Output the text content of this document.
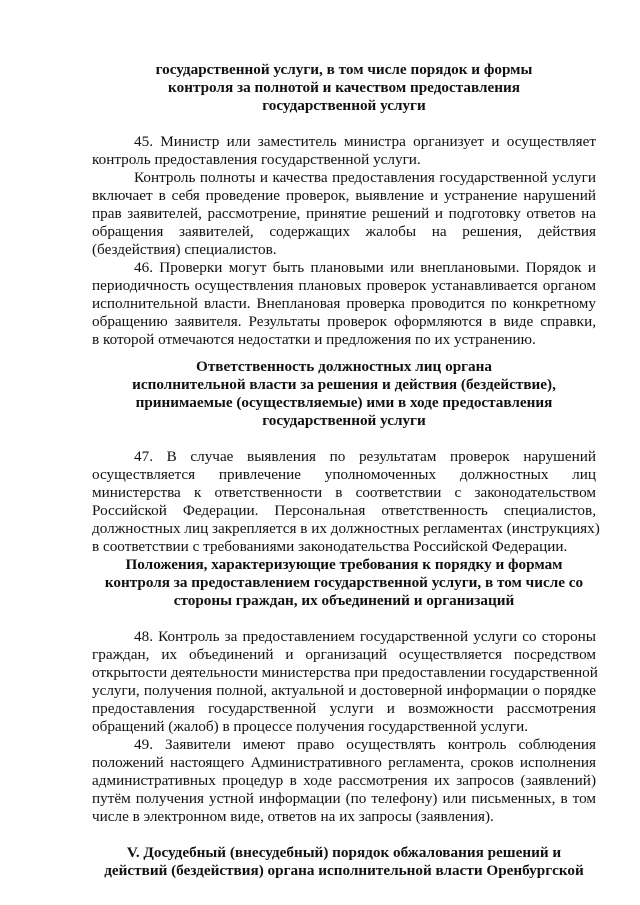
государственной услуги, в том числе порядок и формы
контроля за полнотой и качеством предоставления
государственной услуги
45. Министр или заместитель министра организует и осуществляет
контроль предоставления государственной услуги.
Контроль полноты и качества предоставления государственной услуги
включает в себя проведение проверок, выявление и устранение нарушений
прав заявителей, рассмотрение, принятие решений и подготовку ответов на
обращения заявителей, содержащих жалобы на решения, действия
(бездействия) специалистов.
46. Проверки могут быть плановыми или внеплановыми. Порядок и
периодичность осуществления плановых проверок устанавливается органом
исполнительной власти. Внеплановая проверка проводится по конкретному
обращению заявителя. Результаты проверок оформляются в виде справки,
в которой отмечаются недостатки и предложения по их устранению.
Ответственность должностных лиц органа
исполнительной власти за решения и действия (бездействие),
принимаемые (осуществляемые) ими в ходе предоставления
государственной услуги
47. В случае выявления по результатам проверок нарушений
осуществляется привлечение уполномоченных должностных лиц
министерства к ответственности в соответствии с законодательством
Российской Федерации. Персональная ответственность специалистов,
должностных лиц закрепляется в их должностных регламентах (инструкциях)
в соответствии с требованиями законодательства Российской Федерации.
Положения, характеризующие требования к порядку и формам
контроля за предоставлением государственной услуги, в том числе со
стороны граждан, их объединений и организаций
48. Контроль за предоставлением государственной услуги со стороны
граждан, их объединений и организаций осуществляется посредством
открытости деятельности министерства при предоставлении государственной
услуги, получения полной, актуальной и достоверной информации о порядке
предоставления государственной услуги и возможности рассмотрения
обращений (жалоб) в процессе получения государственной услуги.
49. Заявители имеют право осуществлять контроль соблюдения
положений настоящего Административного регламента, сроков исполнения
административных процедур в ходе рассмотрения их запросов (заявлений)
путём получения устной информации (по телефону) или письменных, в том
числе в электронном виде, ответов на их запросы (заявления).
V. Досудебный (внесудебный) порядок обжалования решений и
действий (бездействия) органа исполнительной власти Оренбургской
